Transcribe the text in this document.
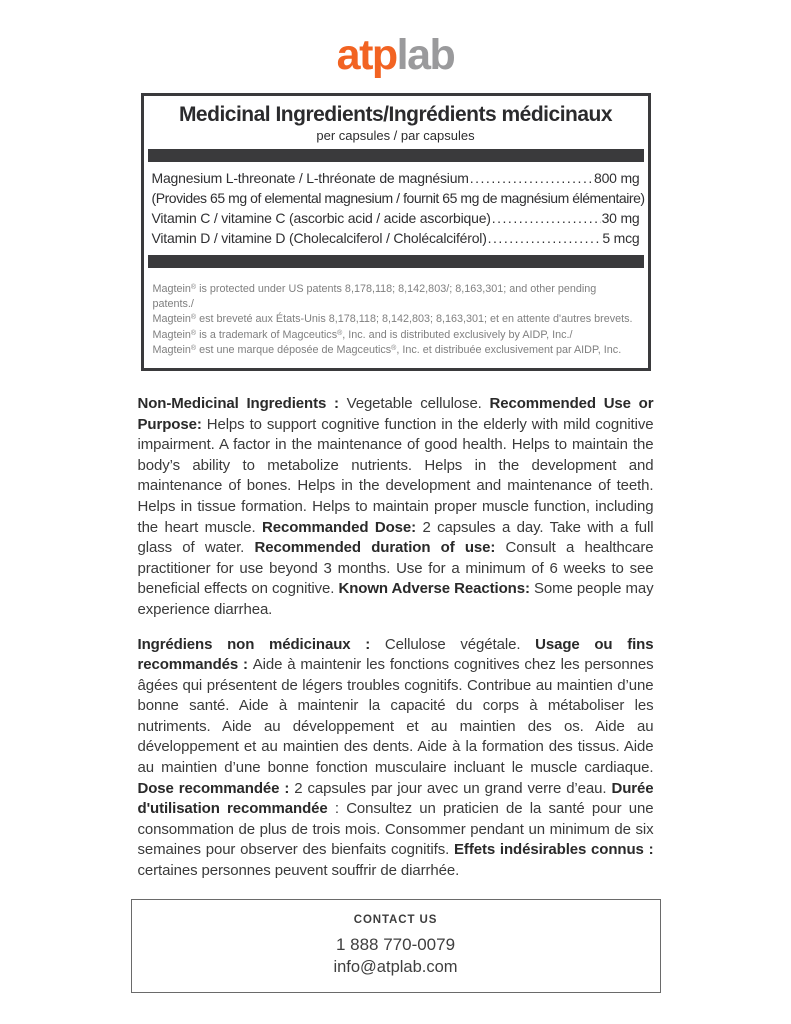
atplab
Medicinal Ingredients/Ingrédients médicinaux
per capsules / par capsules
Magnesium L-threonate / L-thréonate de magnésium .....	800 mg
(Provides 65 mg of elemental magnesium / fournit 65 mg de magnésium élémentaire)
Vitamin C / vitamine C (ascorbic acid / acide ascorbique) .....	30 mg
Vitamin D / vitamine D (Cholecalciferol / Cholécalciférol) .....	5 mcg
Magtein® is protected under US patents 8,178,118; 8,142,803/; 8,163,301; and other pending patents./
Magtein® est breveté aux États-Unis 8,178,118; 8,142,803; 8,163,301; et en attente d'autres brevets.
Magtein® is a trademark of Magceutics®, Inc. and is distributed exclusively by AIDP, Inc./
Magtein® est une marque déposée de Magceutics®, Inc. et distribuée exclusivement par AIDP, Inc.
Non-Medicinal Ingredients : Vegetable cellulose. Recommended Use or Purpose: Helps to support cognitive function in the elderly with mild cognitive impairment. A factor in the maintenance of good health. Helps to maintain the body’s ability to metabolize nutrients. Helps in the development and maintenance of bones. Helps in the development and maintenance of teeth. Helps in tissue formation. Helps to maintain proper muscle function, including the heart muscle. Recommanded Dose: 2 capsules a day. Take with a full glass of water. Recommended duration of use: Consult a healthcare practitioner for use beyond 3 months. Use for a minimum of 6 weeks to see beneficial effects on cognitive. Known Adverse Reactions: Some people may experience diarrhea.
Ingrédiens non médicinaux : Cellulose végétale. Usage ou fins recommandés : Aide à maintenir les fonctions cognitives chez les personnes âgées qui présentent de légers troubles cognitifs. Contribue au maintien d’une bonne santé. Aide à maintenir la capacité du corps à métaboliser les nutriments. Aide au développement et au maintien des os. Aide au développement et au maintien des dents. Aide à la formation des tissus. Aide au maintien d’une bonne fonction musculaire incluant le muscle cardiaque. Dose recommandée : 2 capsules par jour avec un grand verre d’eau. Durée d'utilisation recommandée : Consultez un praticien de la santé pour une consommation de plus de trois mois. Consommer pendant un minimum de six semaines pour observer des bienfaits cognitifs. Effets indésirables connus : certaines personnes peuvent souffrir de diarrhée.
CONTACT US
1 888 770-0079
info@atplab.com
